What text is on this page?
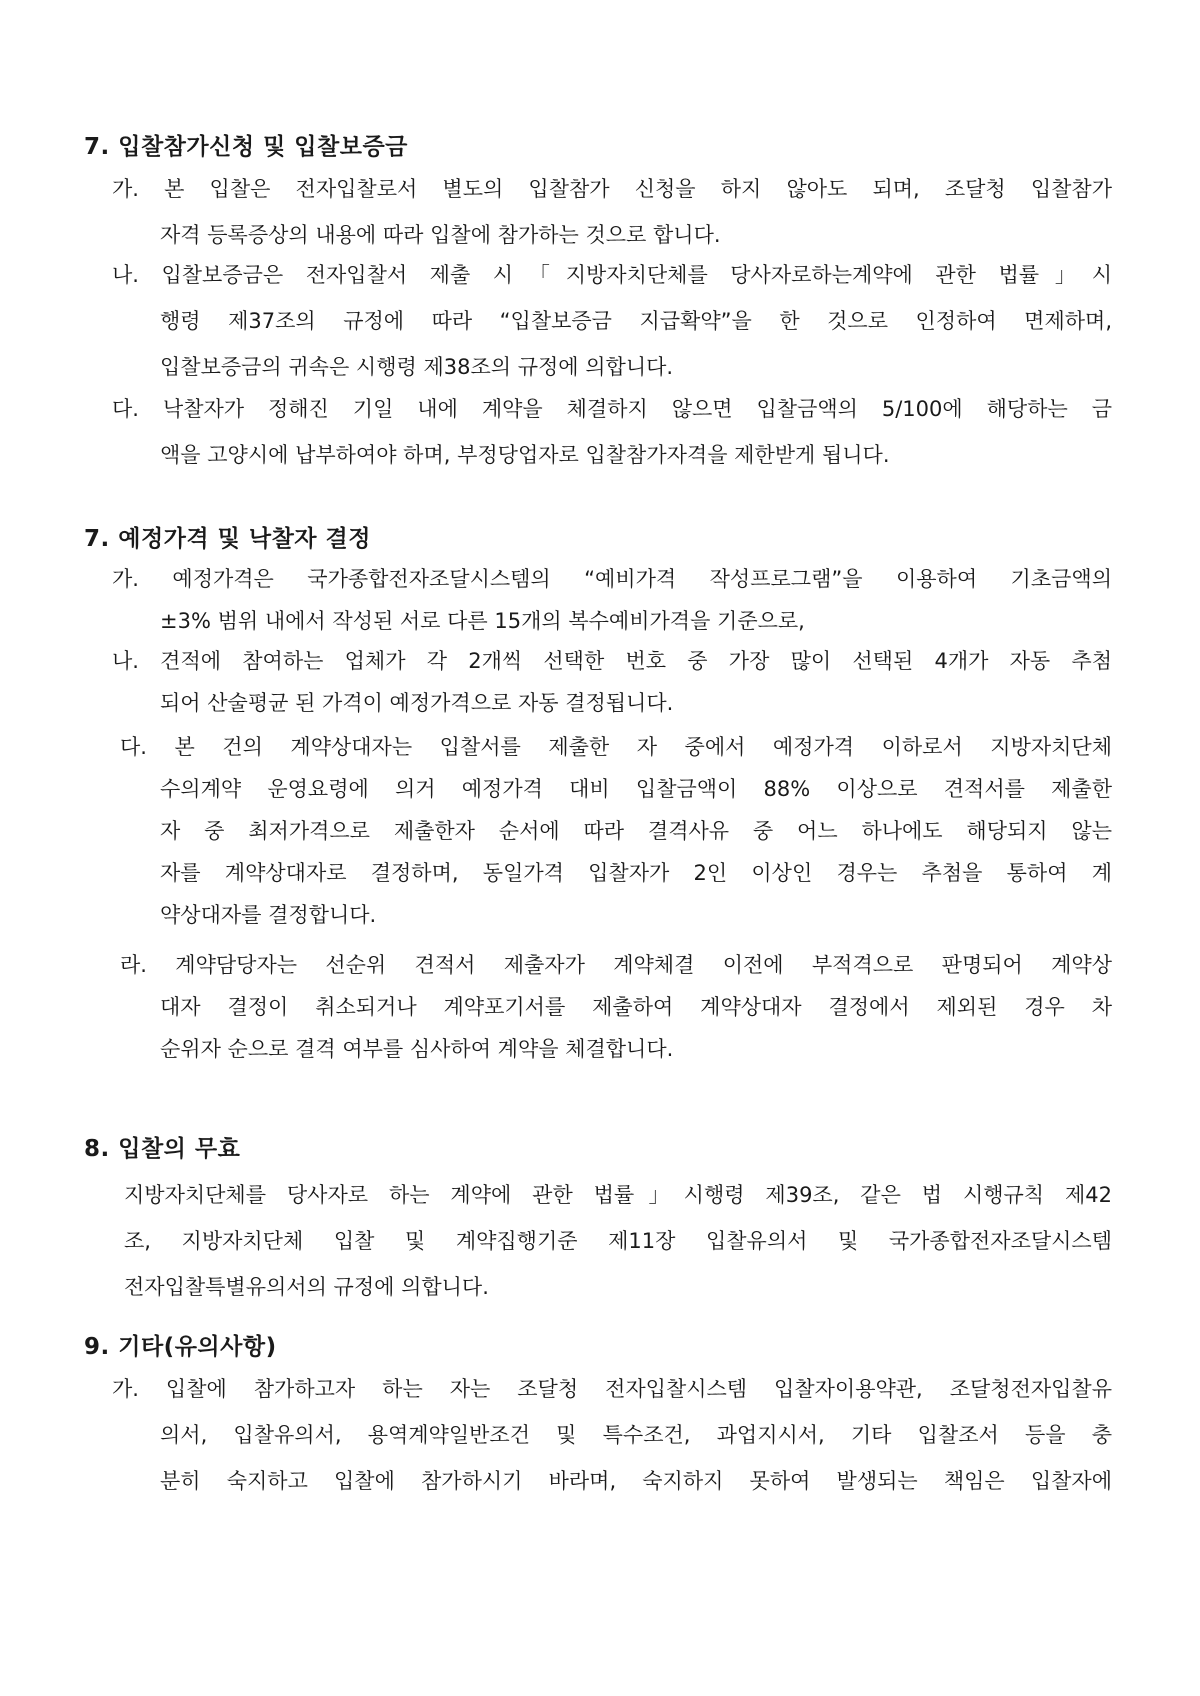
7. 입찰참가신청 및 입찰보증금
가. 본 입찰은 전자입찰로서 별도의 입찰참가 신청을 하지 않아도 되며, 조달청 입찰참가
자격 등록증상의 내용에 따라 입찰에 참가하는 것으로 합니다.
나. 입찰보증금은 전자입찰서 제출 시「지방자치단체를 당사자로하는계약에 관한 법률」시
행령 제37조의 규정에 따라 “입찰보증금 지급확약”을 한 것으로 인정하여 면제하며,
입찰보증금의 귀속은 시행령 제38조의 규정에 의합니다.
다. 낙찰자가 정해진 기일 내에 계약을 체결하지 않으면 입찰금액의 5/100에 해당하는 금
액을 고양시에 납부하여야 하며, 부정당업자로 입찰참가자격을 제한받게 됩니다.
7. 예정가격 및 낙찰자 결정
가. 예정가격은 국가종합전자조달시스템의 “예비가격 작성프로그램”을 이용하여 기초금액의
±3% 범위 내에서 작성된 서로 다른 15개의 복수예비가격을 기준으로,
나. 견적에 참여하는 업체가 각 2개씩 선택한 번호 중 가장 많이 선택된 4개가 자동 추첨
되어 산술평균 된 가격이 예정가격으로 자동 결정됩니다.
다. 본 건의 계약상대자는 입찰서를 제출한 자 중에서 예정가격 이하로서 지방자치단체
수의계약 운영요령에 의거 예정가격 대비 입찰금액이 88% 이상으로 견적서를 제출한
자 중 최저가격으로 제출한자 순서에 따라 결격사유 중 어느 하나에도 해당되지 않는
자를 계약상대자로 결정하며, 동일가격 입찰자가 2인 이상인 경우는 추첨을 통하여 계
약상대자를 결정합니다.
라. 계약담당자는 선순위 견적서 제출자가 계약체결 이전에 부적격으로 판명되어 계약상
대자 결정이 취소되거나 계약포기서를 제출하여 계약상대자 결정에서 제외된 경우 차
순위자 순으로 결격 여부를 심사하여 계약을 체결합니다.
8. 입찰의 무효
지방자치단체를 당사자로 하는 계약에 관한 법률」시행령 제39조, 같은 법 시행규칙 제42
조, 지방자치단체 입찰 및 계약집행기준 제11장 입찰유의서 및 국가종합전자조달시스템
전자입찰특별유의서의 규정에 의합니다.
9. 기타(유의사항)
가. 입찰에 참가하고자 하는 자는 조달청 전자입찰시스템 입찰자이용약관, 조달청전자입찰유
의서, 입찰유의서, 용역계약일반조건 및 특수조건, 과업지시서, 기타 입찰조서 등을 충
분히 숙지하고 입찰에 참가하시기 바라며, 숙지하지 못하여 발생되는 책임은 입찰자에
